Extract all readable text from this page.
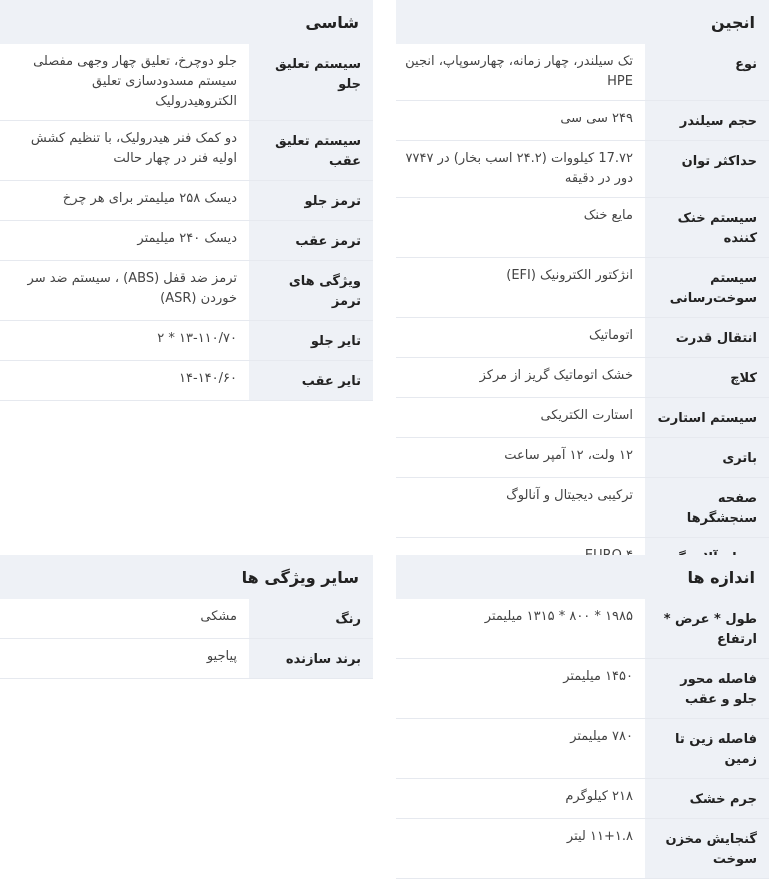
انجین
نوع	تک سیلندر، چهار زمانه، چهارسوپاپ، انجین HPE
حجم سیلندر	۲۴۹ سی سی
حداکثر توان	17.۷۲ کیلووات (۲۴.۲ اسب بخار) در ۷۷۴۷ دور در دقیقه
سیستم خنک کننده	مایع خنک
سیستم سوخت‌رسانی	انژکتور الکترونیک (EFI)
انتقال قدرت	اتوماتیک
کلاچ	خشک اتوماتیک گریز از مرکز
سیستم استارت	استارت الکتریکی
باتری	۱۲ ولت، ۱۲ آمپر ساعت
صفحه سنجشگرها	ترکیبی دیجیتال و آنالوگ

شاسی
سیستم تعلیق جلو	جلو دوچرخ، تعلیق چهار وجهی مفصلی سیستم مسدودسازی تعلیق الکتروهیدرولیک
سیستم تعلیق عقب	دو کمک فنر هیدرولیک، با تنظیم کشش اولیه فنر در چهار حالت
ترمز جلو	دیسک ۲۵۸ میلیمتر برای هر چرخ
ترمز عقب	دیسک ۲۴۰ میلیمتر
ویژگی های ترمز	ترمز ضد قفل (ABS) ، سیستم ضد سر خوردن (ASR)
تایر جلو	۱۳-۱۱۰/۷۰ * ۲
تایر عقب	۱۴-۱۴۰/۶۰
اندازه ها
طول * عرض * ارتفاع	۱۹۸۵ * ۸۰۰ * ۱۳۱۵ میلیمتر
فاصله محور جلو و عقب	۱۴۵۰ میلیمتر
فاصله زین تا زمین	۷۸۰ میلیمتر
جرم خشک	۲۱۸ کیلوگرم
گنجایش مخزن سوخت	۱۱+۱.۸ لیتر
سایر ویژگی ها
رنگ	مشکی
برند سازنده	پیاجیو
